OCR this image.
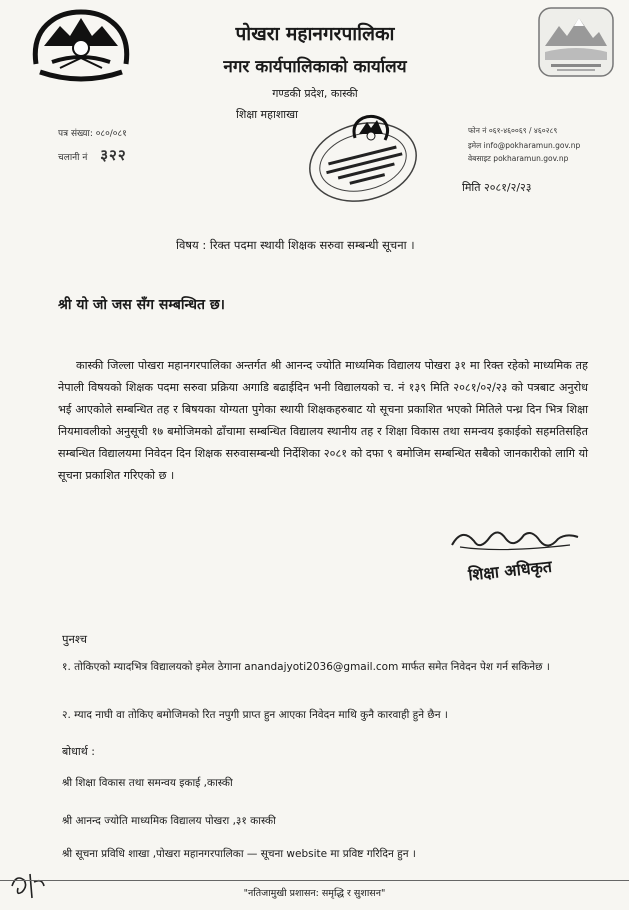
पोखरा महानगरपालिका
नगर कार्यपालिकाको कार्यालय
गण्डकी प्रदेश, कास्की
शिक्षा महाशाखा
पत्र संख्या: ०८०/०८१
चलानी नं ३२२
फोन नं ०६१-४६००६९ / ४६०२८९
इमेल info@pokharamun.gov.np
वेबसाइट pokharamun.gov.np
मिति २०८१/२/२३
विषय : रिक्त पदमा स्थायी शिक्षक सरुवा सम्बन्धी सूचना ।
श्री यो जो जस सँग सम्बन्धित छ।
कास्की जिल्ला पोखरा महानगरपालिका अन्तर्गत श्री आनन्द ज्योति माध्यमिक विद्यालय पोखरा ३१ मा रिक्त रहेको माध्यमिक तह नेपाली विषयको शिक्षक पदमा सरुवा प्रक्रिया अगाडि बढाईदिन भनी विद्यालयको च. नं १३९ मिति २०८१/०२/२३ को पत्रबाट अनुरोध भई आएकोले सम्बन्धित तह र बिषयका योग्यता पुगेका स्थायी शिक्षकहरुबाट यो सूचना प्रकाशित भएको मितिले पन्ध्र दिन भित्र शिक्षा नियमावलीको अनुसूची १७ बमोजिमको ढाँचामा सम्बन्धित विद्यालय स्थानीय तह र शिक्षा विकास तथा समन्वय इकाईको सहमतिसहित सम्बन्धित विद्यालयमा निवेदन दिन शिक्षक सरुवासम्बन्धी निर्देशिका २०८१ को दफा ९ बमोजिम सम्बन्धित सबैको जानकारीको लागि यो सूचना प्रकाशित गरिएको छ ।
शिक्षा अधिकृत
पुनश्च
१. तोकिएको म्यादभित्र विद्यालयको इमेल ठेगाना anandajyoti2036@gmail.com मार्फत समेत निवेदन पेश गर्न सकिनेछ ।
२. म्याद नाघी वा तोकिए बमोजिमको रित नपुगी प्राप्त हुन आएका निवेदन माथि कुनै कारवाही हुने छैन ।
बोधार्थ :
श्री शिक्षा विकास तथा समन्वय इकाई ,कास्की
श्री आनन्द ज्योति माध्यमिक विद्यालय पोखरा ,३१ कास्की
श्री सूचना प्रविधि शाखा ,पोखरा महानगरपालिका — सूचना website मा प्रविष्ट गरिदिन हुन ।
"नतिजामुखी प्रशासन: समृद्धि र सुशासन"
